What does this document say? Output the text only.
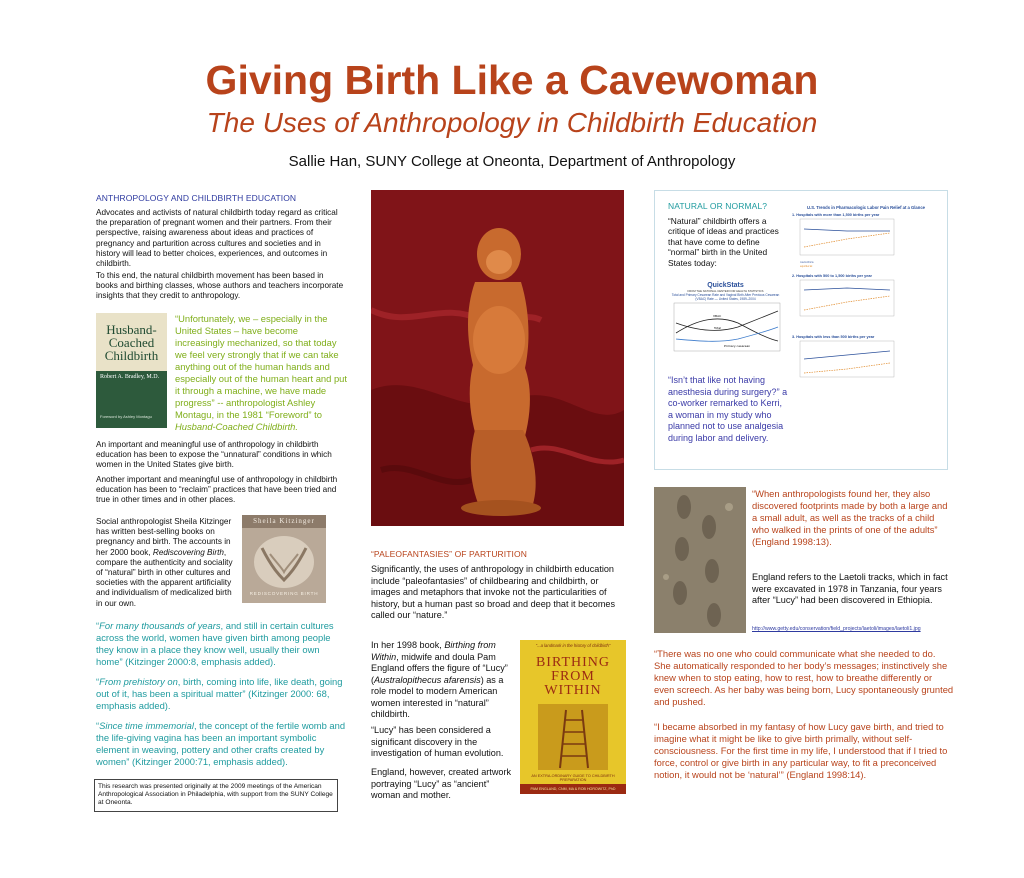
Giving Birth Like a Cavewoman
The Uses of Anthropology in Childbirth Education
Sallie Han, SUNY College at Oneonta, Department of Anthropology
ANTHROPOLOGY AND CHILDBIRTH EDUCATION

Advocates and activists of natural childbirth today regard as critical the preparation of pregnant women and their partners. From their perspective, raising awareness about ideas and practices of pregnancy and parturition across cultures and societies and in history will lead to better choices, experiences, and outcomes in childbirth.

To this end, the natural childbirth movement has been based in books and birthing classes, whose authors and teachers incorporate insights that they credit to anthropology.

Husband-
Coached
Childbirth
Robert A. Bradley, M.D.
Foreword by Ashley Montagu

“Unfortunately, we – especially in the United States – have become increasingly mechanized, so that today we feel very strongly that if we can take anything out of the human hands and especially out of the human heart and put it through a machine, we have made progress” -- anthropologist Ashley Montagu, in the 1981 “Foreword” to Husband-Coached Childbirth.

An important and meaningful use of anthropology in childbirth education has been to expose the “unnatural” conditions in which women in the United States give birth.

Another important and meaningful use of anthropology in childbirth education has been to “reclaim” practices that have been tried and true in other times and in other places.

Social anthropologist Sheila Kitzinger has written best-selling books on pregnancy and birth. The accounts in her 2000 book, Rediscovering Birth, compare the authenticity and sociality of “natural” birth in other cultures and societies with the apparent artificiality and individualism of medicalized birth in our own.

Sheila Kitzinger
REDISCOVERING BIRTH

“For many thousands of years, and still in certain cultures across the world, women have given birth among people they know in a place they know well, usually their own home” (Kitzinger 2000:8, emphasis added).

“From prehistory on, birth, coming into life, like death, going out of it, has been a spiritual matter” (Kitzinger 2000: 68, emphasis added).

“Since time immemorial, the concept of the fertile womb and the life-giving vagina has been an important symbolic element in weaving, pottery and other crafts created by women” (Kitzinger 2000:71, emphasis added).

This research was presented originally at the 2009 meetings of the American Anthropological Association in Philadelphia, with support from the SUNY College at Oneonta.
“PALEOFANTASIES” OF PARTURITION

Significantly, the uses of anthropology in childbirth education include “paleofantasies” of childbearing and childbirth, or images and metaphors that invoke not the particularities of history, but a human past so broad and deep that it becomes called our “nature.”

In her 1998 book, Birthing from Within, midwife and doula Pam England offers the figure of “Lucy” (Australopithecus afarensis) as a role model to modern American women interested in “natural” childbirth.

“Lucy” has been considered a significant discovery in the investigation of human evolution.

England, however, created artwork portraying “Lucy” as “ancient” woman and mother.

“...a landmark in the history of childbirth”
BIRTHING
FROM
WITHIN
AN EXTRA-ORDINARY GUIDE TO CHILDBIRTH PREPARATION
PAM ENGLAND, CNM, MA & ROB HOROWITZ, PhD
NATURAL OR NORMAL?

“Natural” childbirth offers a critique of ideas and practices that have come to define “normal” birth in the United States today:

QuickStats
FROM THE NATIONAL CENTER FOR HEALTH STATISTICS
Total and Primary Cesarean Rate and Vaginal Birth After Previous Cesarean (VBAC) Rate — United States, 1989–2004
VBAC
Total
Primary cesarean

“Isn’t that like not having anesthesia during surgery?” a co-worker remarked to Kerri, a woman in my study who planned not to use analgesia during labor and delivery.

U.S. Trends in Pharmacologic Labor Pain Relief at a Glance
1. Hospitals with more than 1,500 births per year
narcotics
epidural
2. Hospitals with 500 to 1,500 births per year
3. Hospitals with less than 500 births per year

“When anthropologists found her, they also discovered footprints made by both a large and a small adult, as well as the tracks of a child who walked in the prints of one of the adults” (England 1998:13).

England refers to the Laetoli tracks, which in fact were excavated in 1978 in Tanzania, four years after “Lucy” had been discovered in Ethiopia.

http://www.getty.edu/conservation/field_projects/laetoli/images/laetoli1.jpg

“There was no one who could communicate what she needed to do. She automatically responded to her body’s messages; instinctively she knew when to stop eating, how to rest, how to breathe differently or even screech. As her baby was being born, Lucy spontaneously grunted and pushed.

“I became absorbed in my fantasy of how Lucy gave birth, and tried to imagine what it might be like to give birth primally, without self-consciousness. For the first time in my life, I understood that if I tried to force, control or give birth in any particular way, to fit a preconceived notion, it would not be ‘natural’” (England 1998:14).
